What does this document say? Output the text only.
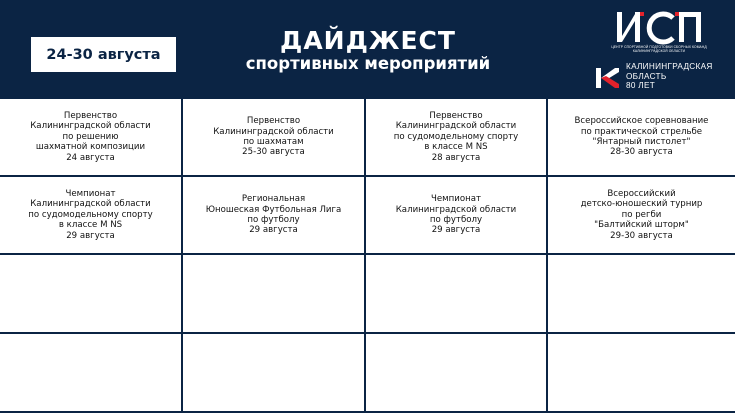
24-30 августа	ДАЙДЖЕСТ
спортивных мероприятий
ЦЕНТР СПОРТИВНОЙ ПОДГОТОВКИ СБОРНЫХ КОМАНД
КАЛИНИНГРАДСКОЙ ОБЛАСТИ
КАЛИНИНГРАДСКАЯ
ОБЛАСТЬ
80 ЛЕТ
Первенство
Калининградской области
по решению
шахматной композиции
24 августа
Первенство
Калининградской области
по шахматам
25-30 августа
Первенство
Калининградской области
по судомодельному спорту
в классе M NS
28 августа
Всероссийское соревнование
по практической стрельбе
"Янтарный пистолет"
28-30 августа
Чемпионат
Калининградской области
по судомодельному спорту
в классе M NS
29 августа
Региональная
Юношеская Футбольная Лига
по футболу
29 августа
Чемпионат
Калининградской области
по футболу
29 августа
Всероссийский
детско-юношеский турнир
по регби
"Балтийский шторм"
29-30 августа
